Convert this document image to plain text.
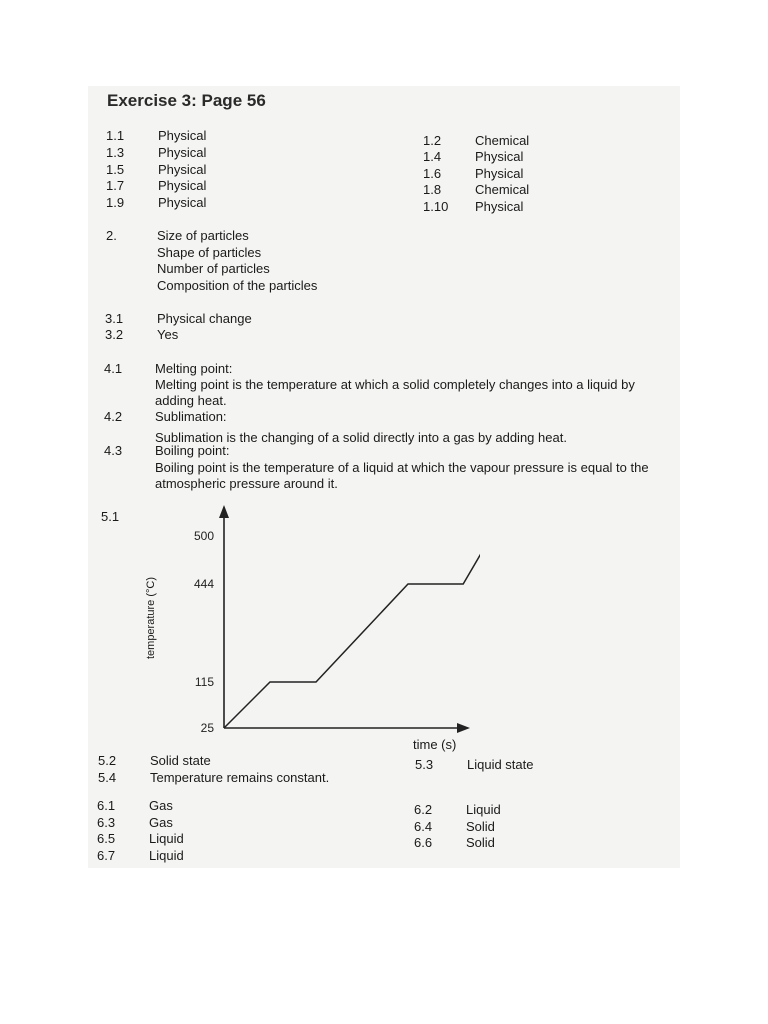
Exercise 3: Page 56
1.1	Physical
1.3	Physical
1.5	Physical
1.7	Physical
1.9	Physical
1.2	Chemical
1.4	Physical
1.6	Physical
1.8	Chemical
1.10 Physical
2.	Size of particles
Shape of particles
Number of particles
Composition of the particles
3.1	Physical change
3.2	Yes
4.1	Melting point:
Melting point is the temperature at which a solid completely changes into a liquid by adding heat.
4.2	Sublimation:
Sublimation is the changing of a solid directly into a gas by adding heat.
4.3	Boiling point:
Boiling point is the temperature of a liquid at which the vapour pressure is equal to the atmospheric pressure around it.
5.1
temperature (°C)
25
115
444
500
time (s)
5.2	Solid state
5.4	Temperature remains constant.
5.3	Liquid state
6.1	Gas
6.3	Gas
6.5	Liquid
6.7	Liquid
6.2	Liquid
6.4	Solid
6.6	Solid
